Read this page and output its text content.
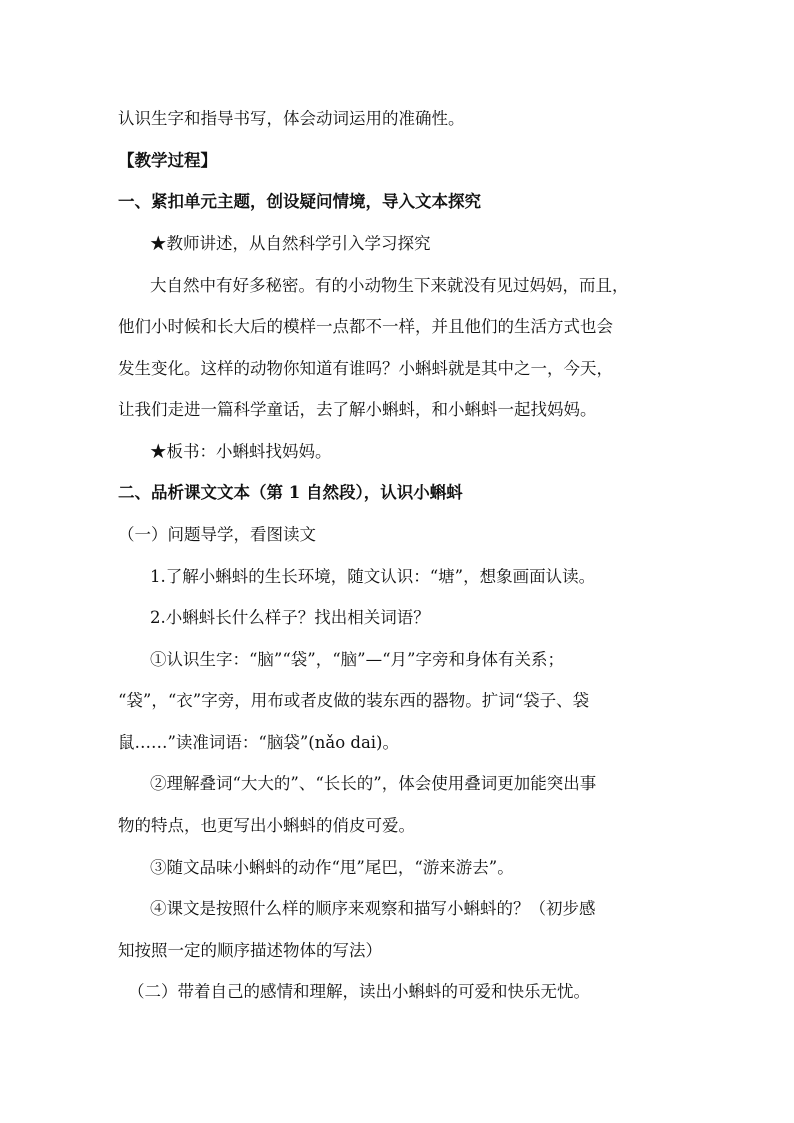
认识生字和指导书写，体会动词运用的准确性。
【教学过程】
一、紧扣单元主题，创设疑问情境，导入文本探究
★教师讲述，从自然科学引入学习探究
大自然中有好多秘密。有的小动物生下来就没有见过妈妈，而且，
他们小时候和长大后的模样一点都不一样，并且他们的生活方式也会
发生变化。这样的动物你知道有谁吗？小蝌蚪就是其中之一，今天，
让我们走进一篇科学童话，去了解小蝌蚪，和小蝌蚪一起找妈妈。
★板书：小蝌蚪找妈妈。
二、品析课文文本（第 1 自然段），认识小蝌蚪
（一）问题导学，看图读文
1.了解小蝌蚪的生长环境，随文认识：“塘”，想象画面认读。
2.小蝌蚪长什么样子？找出相关词语？
①认识生字：“脑”“袋”，“脑”—“月”字旁和身体有关系；
“袋”，“衣”字旁，用布或者皮做的装东西的器物。扩词“袋子、袋
鼠……”读准词语：“脑袋”(nǎo dai)。
②理解叠词“大大的”、“长长的”，体会使用叠词更加能突出事
物的特点，也更写出小蝌蚪的俏皮可爱。
③随文品味小蝌蚪的动作“甩”尾巴，“游来游去”。
④课文是按照什么样的顺序来观察和描写小蝌蚪的？（初步感
知按照一定的顺序描述物体的写法）
（二）带着自己的感情和理解，读出小蝌蚪的可爱和快乐无忧。
